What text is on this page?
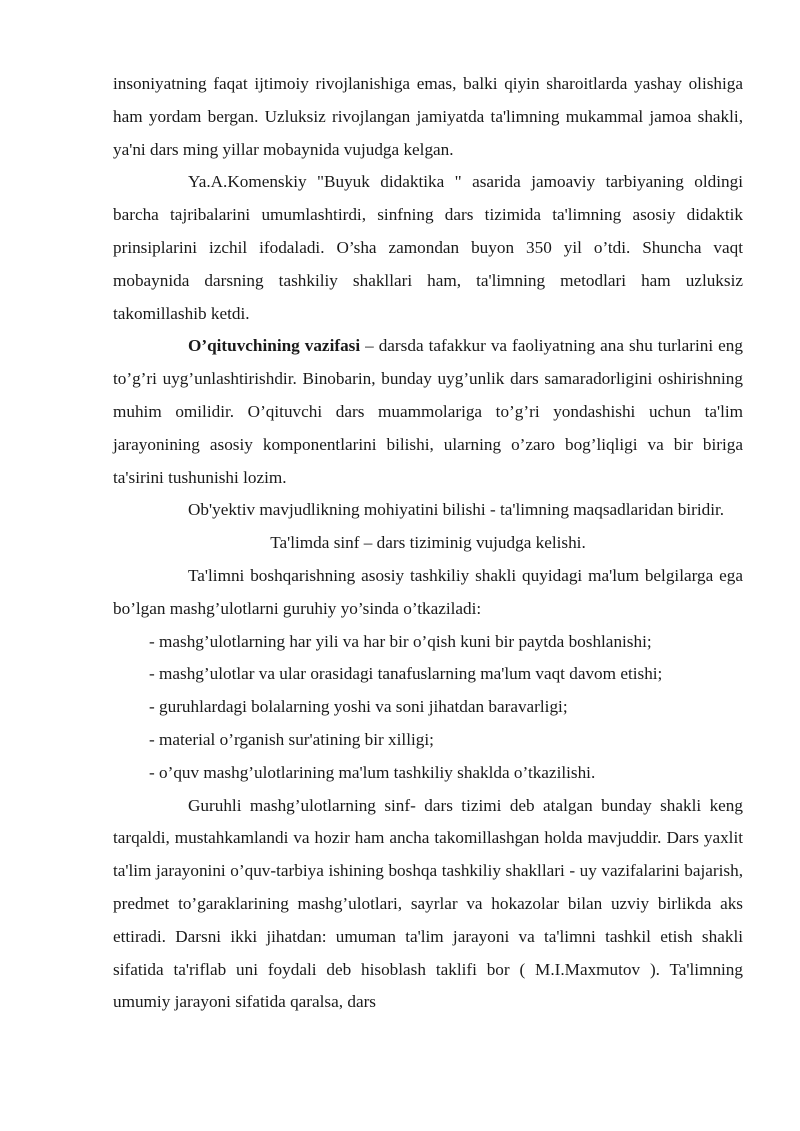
insoniyatning faqat ijtimoiy rivojlanishiga emas, balki qiyin sharoitlarda yashay olishiga ham yordam bergan. Uzluksiz rivojlangan jamiyatda ta'limning mukammal jamoa shakli, ya'ni dars ming yillar mobaynida vujudga kelgan.

Ya.A.Komenskiy "Buyuk didaktika " asarida jamoaviy tarbiyaning oldingi barcha tajribalarini umumlashtirdi, sinfning dars tizimida ta'limning asosiy didaktik prinsiplarini izchil ifodaladi. O’sha zamondan buyon 350 yil o’tdi. Shuncha vaqt mobaynida darsning tashkiliy shakllari ham, ta'limning metodlari ham uzluksiz takomillashib ketdi.

O’qituvchining vazifasi – darsda tafakkur va faoliyatning ana shu turlarini eng to’g’ri uyg’unlashtirishdir. Binobarin, bunday uyg’unlik dars samaradorligini oshirishning muhim omilidir. O’qituvchi dars muammolariga to’g’ri yondashishi uchun ta'lim jarayonining asosiy komponentlarini bilishi, ularning o’zaro bog’liqligi va bir biriga ta'sirini tushunishi lozim.

Ob'yektiv mavjudlikning mohiyatini bilishi - ta'limning maqsadlaridan biridir.

Ta'limda sinf – dars tiziminig vujudga kelishi.

Ta'limni boshqarishning asosiy tashkiliy shakli quyidagi ma'lum belgilarga ega bo’lgan mashg’ulotlarni guruhiy yo’sinda o’tkaziladi:

- mashg’ulotlarning har yili va har bir o’qish kuni bir paytda boshlanishi;

- mashg’ulotlar va ular orasidagi tanafuslarning ma'lum vaqt davom etishi;

- guruhlardagi bolalarning yoshi va soni jihatdan baravarligi;

- material o’rganish sur'atining bir xilligi;

- o’quv mashg’ulotlarining ma'lum tashkiliy shaklda o’tkazilishi.

Guruhli mashg’ulotlarning sinf- dars tizimi deb atalgan bunday shakli keng tarqaldi, mustahkamlandi va hozir ham ancha takomillashgan holda mavjuddir. Dars yaxlit ta'lim jarayonini o’quv-tarbiya ishining boshqa tashkiliy shakllari - uy vazifalarini bajarish, predmet to’garaklarining mashg’ulotlari, sayrlar va hokazolar bilan uzviy birlikda aks ettiradi. Darsni ikki jihatdan: umuman ta'lim jarayoni va ta'limni tashkil etish shakli sifatida ta'riflab uni foydali deb hisoblash taklifi bor ( M.I.Maxmutov ). Ta'limning umumiy jarayoni sifatida qaralsa, dars
